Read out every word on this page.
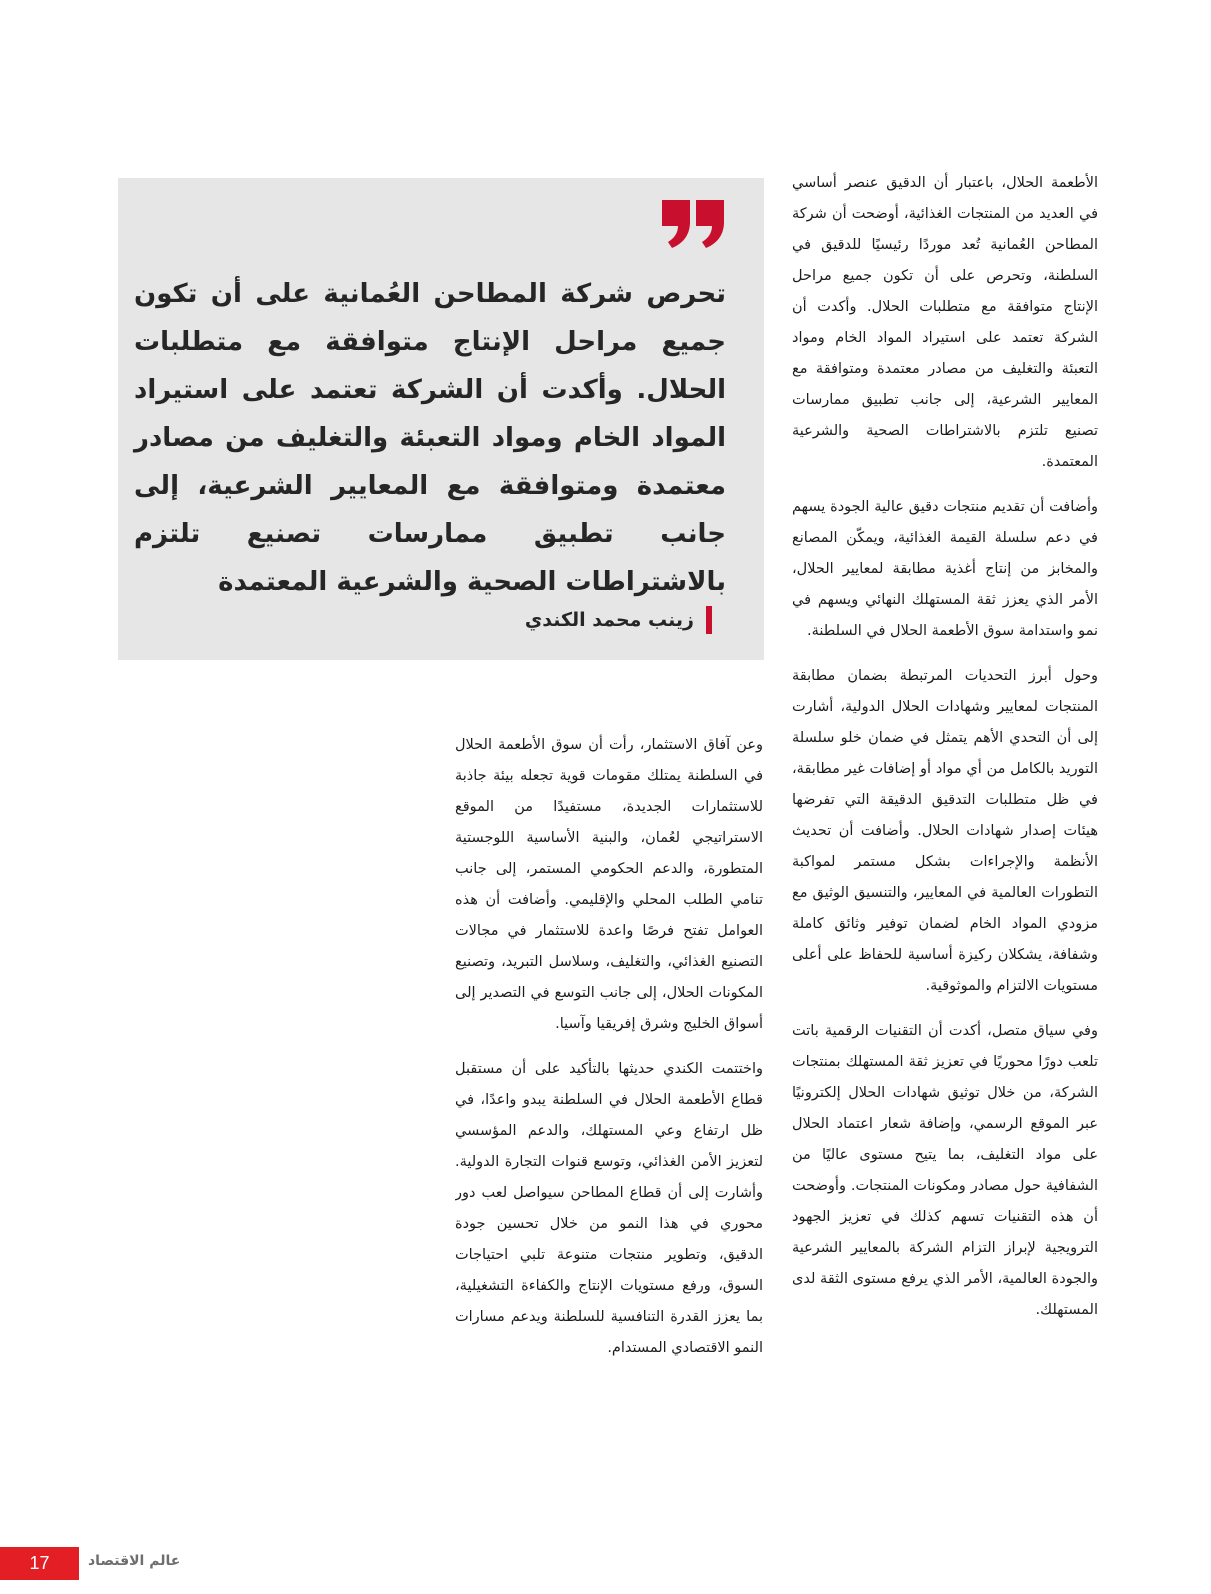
الأطعمة الحلال، باعتبار أن الدقيق عنصر أساسي في العديد من المنتجات الغذائية، أوضحت أن شركة المطاحن العُمانية تُعد موردًا رئيسيًا للدقيق في السلطنة، وتحرص على أن تكون جميع مراحل الإنتاج متوافقة مع متطلبات الحلال. وأكدت أن الشركة تعتمد على استيراد المواد الخام ومواد التعبئة والتغليف من مصادر معتمدة ومتوافقة مع المعايير الشرعية، إلى جانب تطبيق ممارسات تصنيع تلتزم بالاشتراطات الصحية والشرعية المعتمدة.

وأضافت أن تقديم منتجات دقيق عالية الجودة يسهم في دعم سلسلة القيمة الغذائية، ويمكّن المصانع والمخابز من إنتاج أغذية مطابقة لمعايير الحلال، الأمر الذي يعزز ثقة المستهلك النهائي ويسهم في نمو واستدامة سوق الأطعمة الحلال في السلطنة.

وحول أبرز التحديات المرتبطة بضمان مطابقة المنتجات لمعايير وشهادات الحلال الدولية، أشارت إلى أن التحدي الأهم يتمثل في ضمان خلو سلسلة التوريد بالكامل من أي مواد أو إضافات غير مطابقة، في ظل متطلبات التدقيق الدقيقة التي تفرضها هيئات إصدار شهادات الحلال. وأضافت أن تحديث الأنظمة والإجراءات بشكل مستمر لمواكبة التطورات العالمية في المعايير، والتنسيق الوثيق مع مزودي المواد الخام لضمان توفير وثائق كاملة وشفافة، يشكلان ركيزة أساسية للحفاظ على أعلى مستويات الالتزام والموثوقية.

وفي سياق متصل، أكدت أن التقنيات الرقمية باتت تلعب دورًا محوريًا في تعزيز ثقة المستهلك بمنتجات الشركة، من خلال توثيق شهادات الحلال إلكترونيًا عبر الموقع الرسمي، وإضافة شعار اعتماد الحلال على مواد التغليف، بما يتيح مستوى عاليًا من الشفافية حول مصادر ومكونات المنتجات. وأوضحت أن هذه التقنيات تسهم كذلك في تعزيز الجهود الترويجية لإبراز التزام الشركة بالمعايير الشرعية والجودة العالمية، الأمر الذي يرفع مستوى الثقة لدى المستهلك.

تحرص شركة المطاحن العُمانية على أن تكون جميع مراحل الإنتاج متوافقة مع متطلبات الحلال. وأكدت أن الشركة تعتمد على استيراد المواد الخام ومواد التعبئة والتغليف من مصادر معتمدة ومتوافقة مع المعايير الشرعية، إلى جانب تطبيق ممارسات تصنيع تلتزم بالاشتراطات الصحية والشرعية المعتمدة

زينب محمد الكندي

وعن آفاق الاستثمار، رأت أن سوق الأطعمة الحلال في السلطنة يمتلك مقومات قوية تجعله بيئة جاذبة للاستثمارات الجديدة، مستفيدًا من الموقع الاستراتيجي لعُمان، والبنية الأساسية اللوجستية المتطورة، والدعم الحكومي المستمر، إلى جانب تنامي الطلب المحلي والإقليمي. وأضافت أن هذه العوامل تفتح فرصًا واعدة للاستثمار في مجالات التصنيع الغذائي، والتغليف، وسلاسل التبريد، وتصنيع المكونات الحلال، إلى جانب التوسع في التصدير إلى أسواق الخليج وشرق إفريقيا وآسيا.

واختتمت الكندي حديثها بالتأكيد على أن مستقبل قطاع الأطعمة الحلال في السلطنة يبدو واعدًا، في ظل ارتفاع وعي المستهلك، والدعم المؤسسي لتعزيز الأمن الغذائي، وتوسع قنوات التجارة الدولية. وأشارت إلى أن قطاع المطاحن سيواصل لعب دور محوري في هذا النمو من خلال تحسين جودة الدقيق، وتطوير منتجات متنوعة تلبي احتياجات السوق، ورفع مستويات الإنتاج والكفاءة التشغيلية، بما يعزز القدرة التنافسية للسلطنة ويدعم مسارات النمو الاقتصادي المستدام.

17	عالم الاقتصاد
